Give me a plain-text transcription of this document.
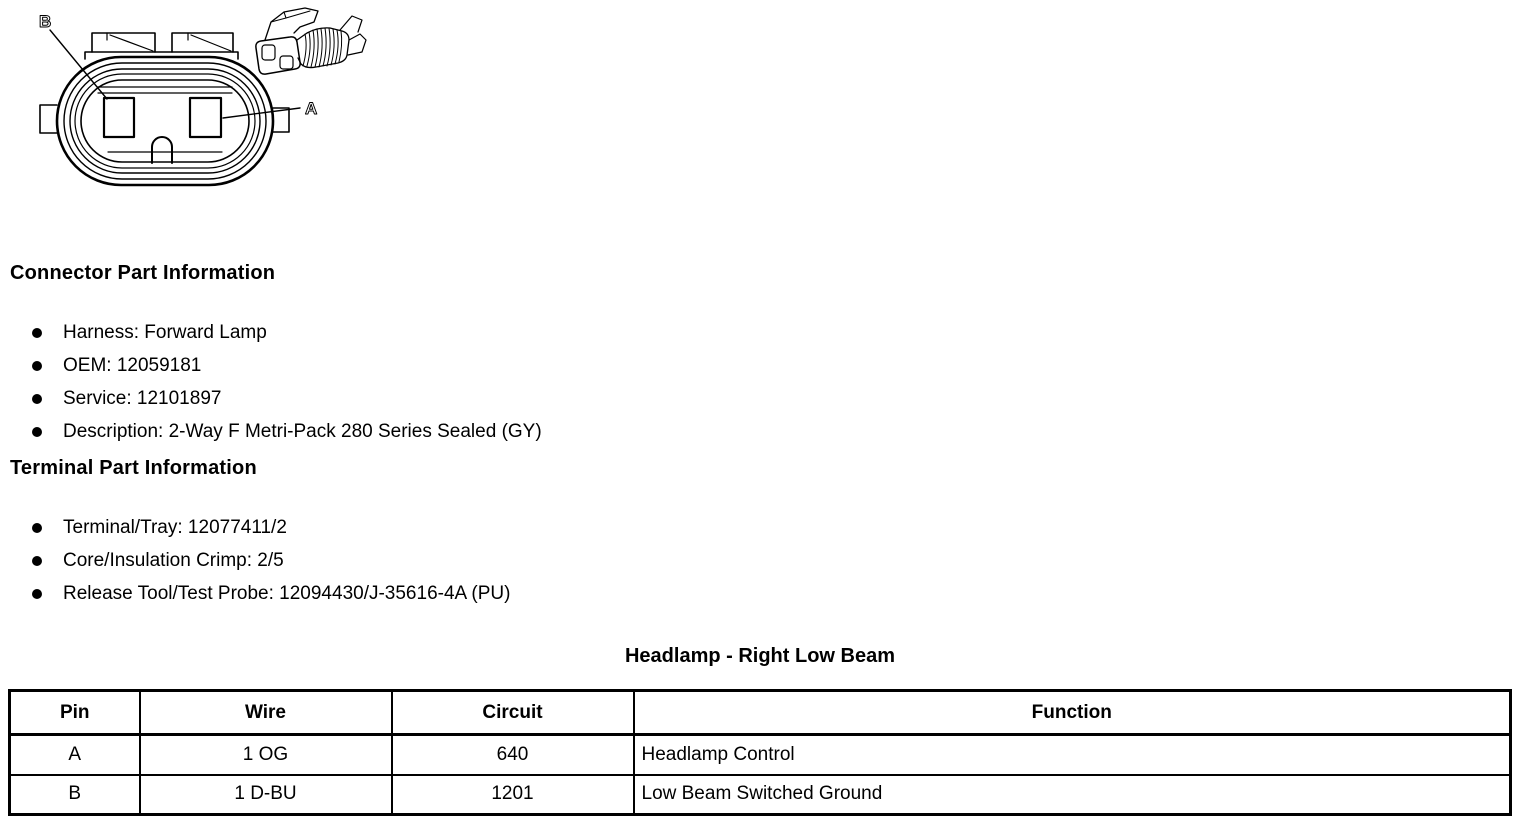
B
A
Connector Part Information
Harness: Forward Lamp
OEM: 12059181
Service: 12101897
Description: 2-Way F Metri-Pack 280 Series Sealed (GY)
Terminal Part Information
Terminal/Tray: 12077411/2
Core/Insulation Crimp: 2/5
Release Tool/Test Probe: 12094430/J-35616-4A (PU)
Headlamp - Right Low Beam
Pin	Wire	Circuit	Function
A	1 OG	640	Headlamp Control
B	1 D-BU	1201	Low Beam Switched Ground
